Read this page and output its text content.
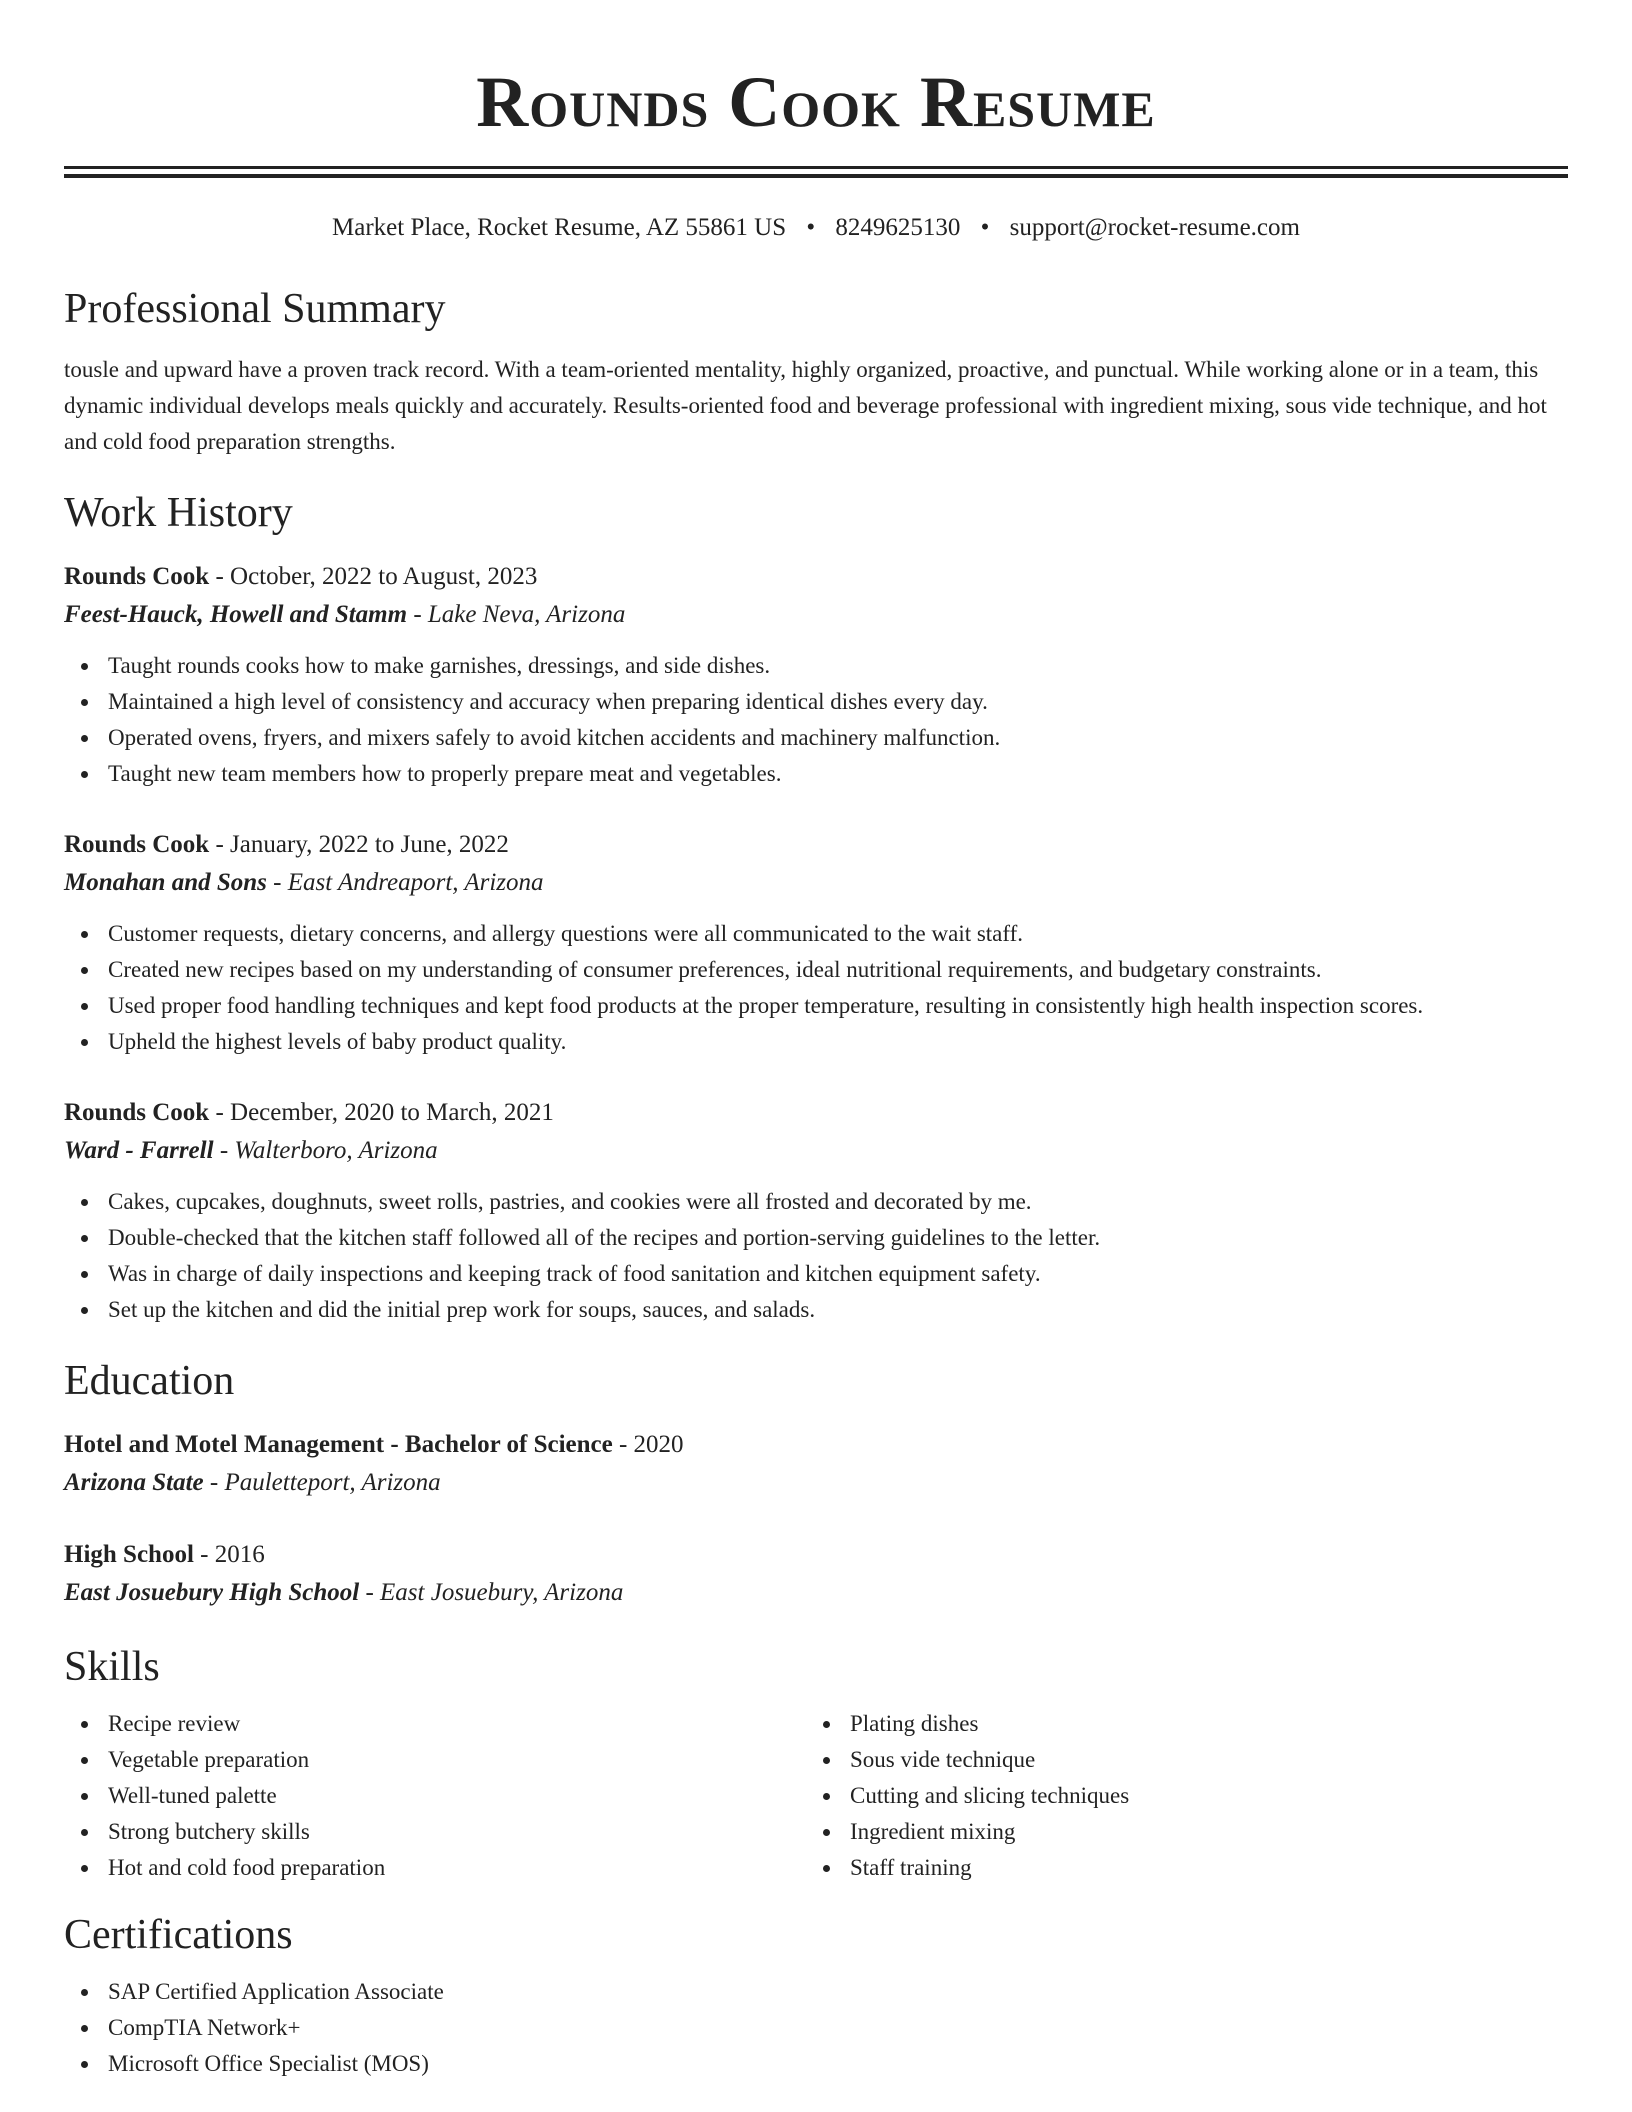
Rounds Cook Resume
Market Place, Rocket Resume, AZ 55861 US • 8249625130 • support@rocket-resume.com
Professional Summary
tousle and upward have a proven track record. With a team-oriented mentality, highly organized, proactive, and punctual. While working alone or in a team, this dynamic individual develops meals quickly and accurately. Results-oriented food and beverage professional with ingredient mixing, sous vide technique, and hot and cold food preparation strengths.
Work History
Rounds Cook - October, 2022 to August, 2023
Feest-Hauck, Howell and Stamm - Lake Neva, Arizona
Taught rounds cooks how to make garnishes, dressings, and side dishes.
Maintained a high level of consistency and accuracy when preparing identical dishes every day.
Operated ovens, fryers, and mixers safely to avoid kitchen accidents and machinery malfunction.
Taught new team members how to properly prepare meat and vegetables.
Rounds Cook - January, 2022 to June, 2022
Monahan and Sons - East Andreaport, Arizona
Customer requests, dietary concerns, and allergy questions were all communicated to the wait staff.
Created new recipes based on my understanding of consumer preferences, ideal nutritional requirements, and budgetary constraints.
Used proper food handling techniques and kept food products at the proper temperature, resulting in consistently high health inspection scores.
Upheld the highest levels of baby product quality.
Rounds Cook - December, 2020 to March, 2021
Ward - Farrell - Walterboro, Arizona
Cakes, cupcakes, doughnuts, sweet rolls, pastries, and cookies were all frosted and decorated by me.
Double-checked that the kitchen staff followed all of the recipes and portion-serving guidelines to the letter.
Was in charge of daily inspections and keeping track of food sanitation and kitchen equipment safety.
Set up the kitchen and did the initial prep work for soups, sauces, and salads.
Education
Hotel and Motel Management - Bachelor of Science - 2020
Arizona State - Pauletteport, Arizona
High School - 2016
East Josuebury High School - East Josuebury, Arizona
Skills
Recipe review
Vegetable preparation
Well-tuned palette
Strong butchery skills
Hot and cold food preparation
Plating dishes
Sous vide technique
Cutting and slicing techniques
Ingredient mixing
Staff training
Certifications
SAP Certified Application Associate
CompTIA Network+
Microsoft Office Specialist (MOS)
